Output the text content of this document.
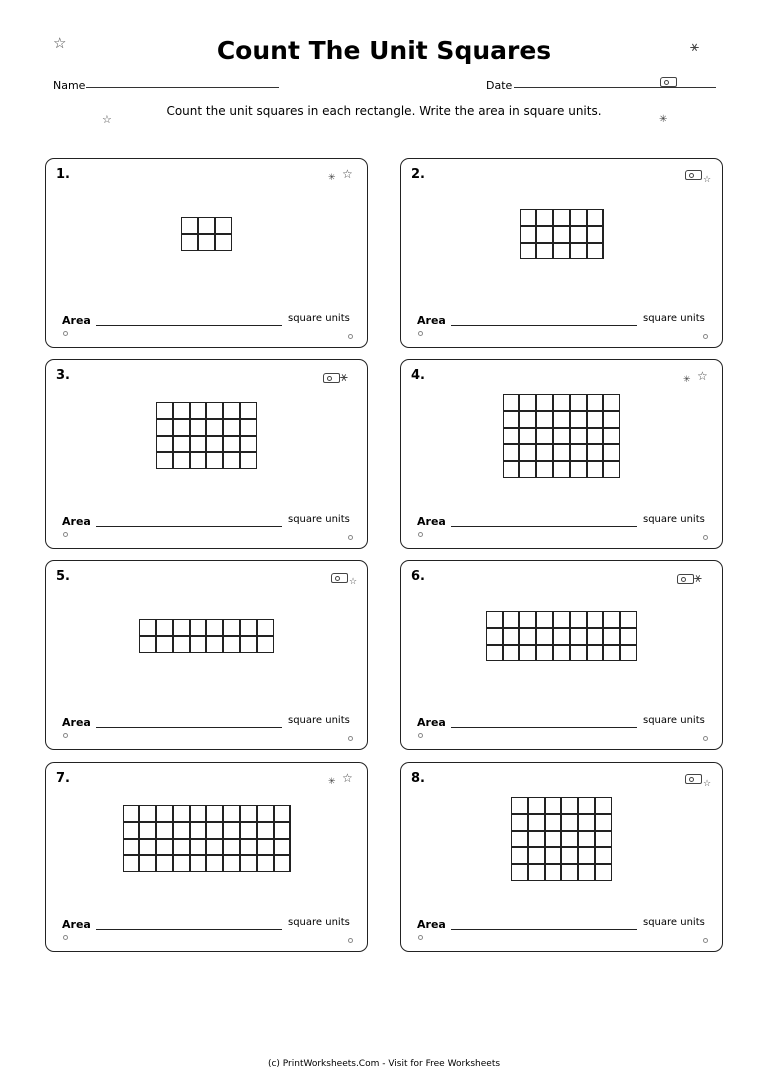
Count The Unit Squares
☆	⚹
☆	✳
Name	Date
Count the unit squares in each rectangle. Write the area in square units.
1.	✳ ☆
Area	square units
2.	☆
Area	square units
3.	⚹
Area	square units
4.	✳ ☆
Area	square units
5.	☆
Area	square units
6.	⚹
Area	square units
7.	✳ ☆
Area	square units
8.	☆
Area	square units
(c) PrintWorksheets.Com - Visit for Free Worksheets
